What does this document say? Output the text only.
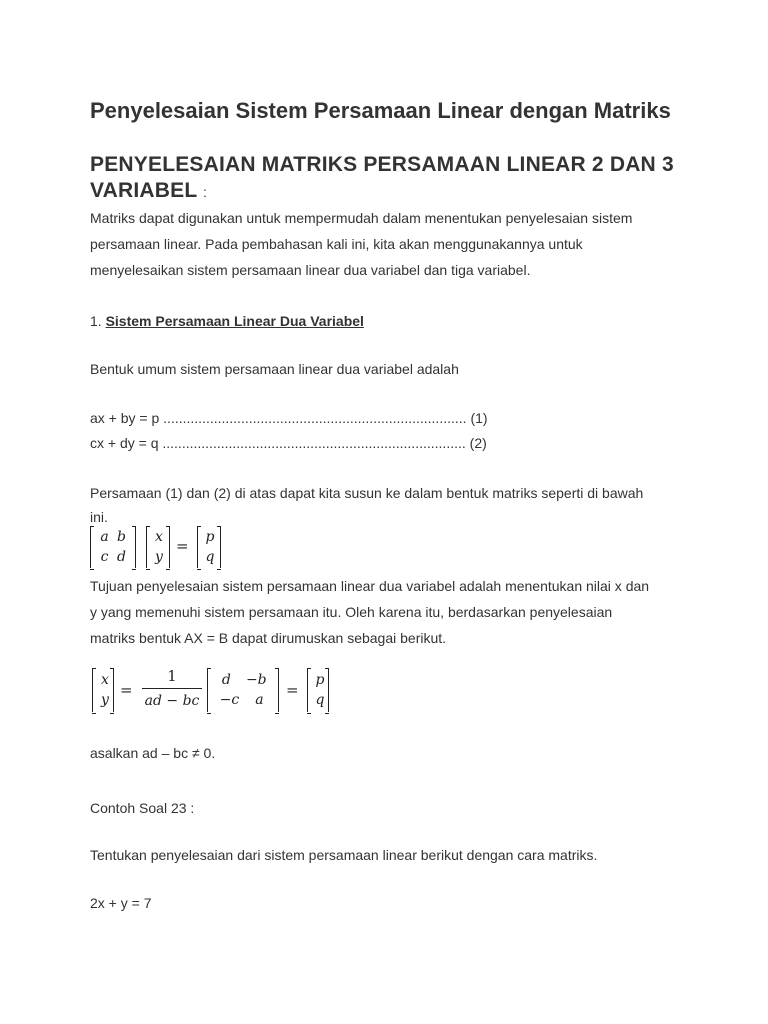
Penyelesaian Sistem Persamaan Linear dengan Matriks
PENYELESAIAN MATRIKS PERSAMAAN LINEAR 2 DAN 3 VARIABEL :
Matriks dapat digunakan untuk mempermudah dalam menentukan penyelesaian sistem
persamaan linear. Pada pembahasan kali ini, kita akan menggunakannya untuk
menyelesaikan sistem persamaan linear dua variabel dan tiga variabel.
1. Sistem Persamaan Linear Dua Variabel
Bentuk umum sistem persamaan linear dua variabel adalah
ax + by = p .............................................................................. (1)
cx + dy = q .............................................................................. (2)
Persamaan (1) dan (2) di atas dapat kita susun ke dalam bentuk matriks seperti di bawah
ini.
a b
c d
x
y
= p
q
Tujuan penyelesaian sistem persamaan linear dua variabel adalah menentukan nilai x dan
y yang memenuhi sistem persamaan itu. Oleh karena itu, berdasarkan penyelesaian
matriks bentuk AX = B dapat dirumuskan sebagai berikut.
x
y
=
1
ad − bc
d −b
−c a
=
p
q
asalkan ad – bc ≠ 0.
Contoh Soal 23 :
Tentukan penyelesaian dari sistem persamaan linear berikut dengan cara matriks.
2x + y = 7
